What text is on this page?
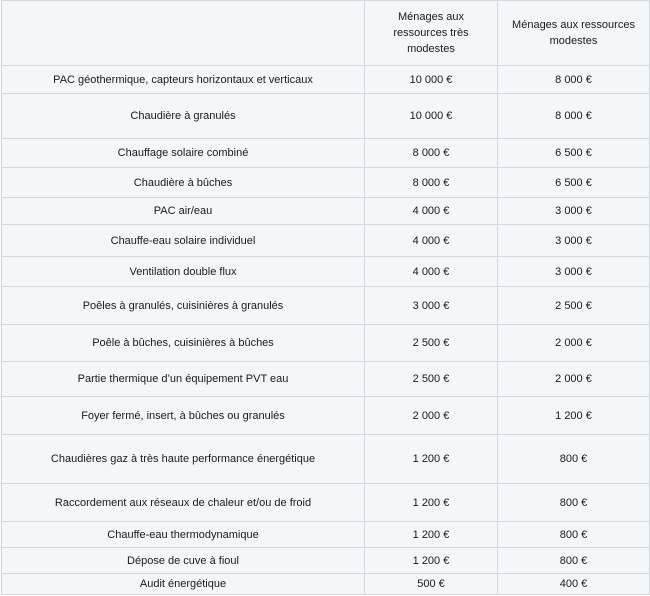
	Ménages aux ressources très modestes	Ménages aux ressources modestes
PAC géothermique, capteurs horizontaux et verticaux	10 000 €	8 000 €
Chaudière à granulés	10 000 €	8 000 €
Chauffage solaire combiné	8 000 €	6 500 €
Chaudière à bûches	8 000 €	6 500 €
PAC air/eau	4 000 €	3 000 €
Chauffe-eau solaire individuel	4 000 €	3 000 €
Ventilation double flux	4 000 €	3 000 €
Poêles à granulés, cuisinières à granulés	3 000 €	2 500 €
Poêle à bûches, cuisinières à bûches	2 500 €	2 000 €
Partie thermique d’un équipement PVT eau	2 500 €	2 000 €
Foyer fermé, insert, à bûches ou granulés	2 000 €	1 200 €
Chaudières gaz à très haute performance énergétique	1 200 €	800 €
Raccordement aux réseaux de chaleur et/ou de froid	1 200 €	800 €
Chauffe-eau thermodynamique	1 200 €	800 €
Dépose de cuve à fioul	1 200 €	800 €
Audit énergétique	500 €	400 €
